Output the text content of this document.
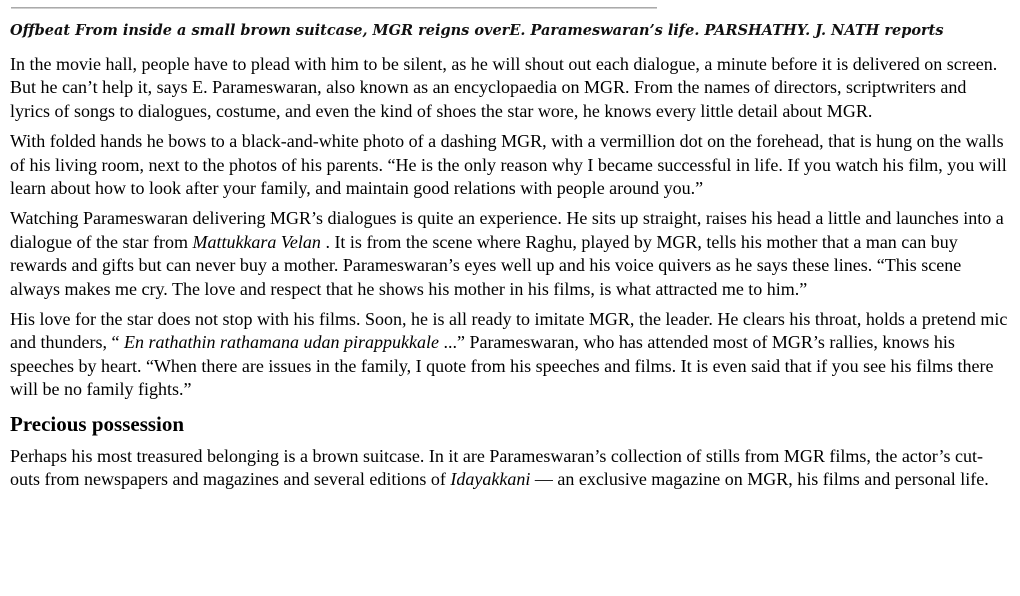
Offbeat From inside a small brown suitcase, MGR reigns overE. Parameswaran’s life. PARSHATHY. J. NATH reports

In the movie hall, people have to plead with him to be silent, as he will shout out each dialogue, a minute before it is delivered on screen. But he can’t help it, says E. Parameswaran, also known as an encyclopaedia on MGR. From the names of directors, scriptwriters and lyrics of songs to dialogues, costume, and even the kind of shoes the star wore, he knows every little detail about MGR.

With folded hands he bows to a black-and-white photo of a dashing MGR, with a vermillion dot on the forehead, that is hung on the walls of his living room, next to the photos of his parents. “He is the only reason why I became successful in life. If you watch his film, you will learn about how to look after your family, and maintain good relations with people around you.”

Watching Parameswaran delivering MGR’s dialogues is quite an experience. He sits up straight, raises his head a little and launches into a dialogue of the star from Mattukkara Velan . It is from the scene where Raghu, played by MGR, tells his mother that a man can buy rewards and gifts but can never buy a mother. Parameswaran’s eyes well up and his voice quivers as he says these lines. “This scene always makes me cry. The love and respect that he shows his mother in his films, is what attracted me to him.”

His love for the star does not stop with his films. Soon, he is all ready to imitate MGR, the leader. He clears his throat, holds a pretend mic and thunders, “ En rathathin rathamana udan pirappukkale ...” Parameswaran, who has attended most of MGR’s rallies, knows his speeches by heart. “When there are issues in the family, I quote from his speeches and films. It is even said that if you see his films there will be no family fights.”

Precious possession

Perhaps his most treasured belonging is a brown suitcase. In it are Parameswaran’s collection of stills from MGR films, the actor’s cut-outs from newspapers and magazines and several editions of Idayakkani — an exclusive magazine on MGR, his films and personal life.
